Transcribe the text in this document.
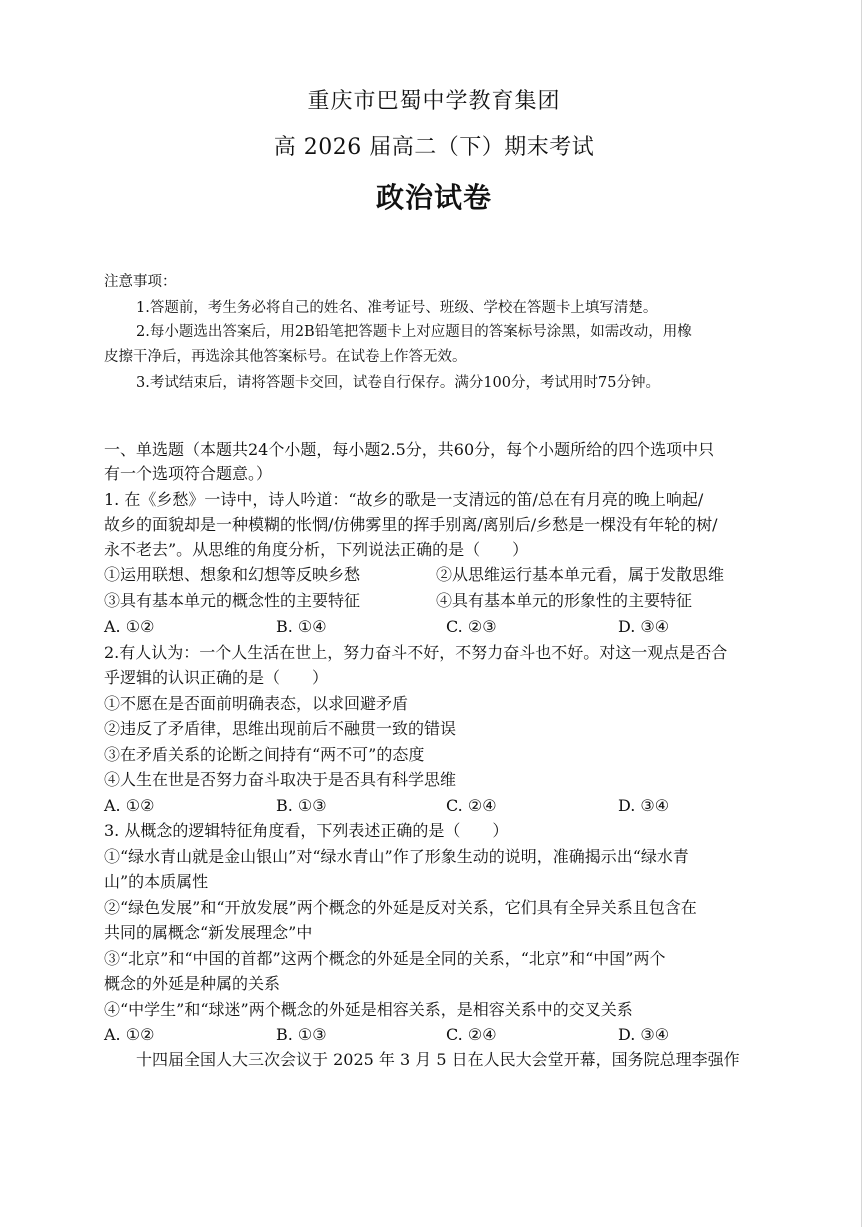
重庆市巴蜀中学教育集团
高 2026 届高二（下）期末考试
政治试卷
注意事项：
1.答题前，考生务必将自己的姓名、准考证号、班级、学校在答题卡上填写清楚。
2.每小题选出答案后，用2B铅笔把答题卡上对应题目的答案标号涂黑，如需改动，用橡
皮擦干净后，再选涂其他答案标号。在试卷上作答无效。
3.考试结束后，请将答题卡交回，试卷自行保存。满分100分，考试用时75分钟。
一、单选题（本题共24个小题，每小题2.5分，共60分，每个小题所给的四个选项中只
有一个选项符合题意。）
1. 在《乡愁》一诗中，诗人吟道：“故乡的歌是一支清远的笛/总在有月亮的晚上响起/
故乡的面貌却是一种模糊的怅惘/仿佛雾里的挥手别离/离别后/乡愁是一棵没有年轮的树/
永不老去”。从思维的角度分析，下列说法正确的是（　　）
①运用联想、想象和幻想等反映乡愁	②从思维运行基本单元看，属于发散思维
③具有基本单元的概念性的主要特征	④具有基本单元的形象性的主要特征
A. ①②	B. ①④	C. ②③	D. ③④
2.有人认为：一个人生活在世上，努力奋斗不好，不努力奋斗也不好。对这一观点是否合
乎逻辑的认识正确的是（　　）
①不愿在是否面前明确表态，以求回避矛盾
②违反了矛盾律，思维出现前后不融贯一致的错误
③在矛盾关系的论断之间持有“两不可”的态度
④人生在世是否努力奋斗取决于是否具有科学思维
A. ①②	B. ①③	C. ②④	D. ③④
3. 从概念的逻辑特征角度看，下列表述正确的是（　　）
①“绿水青山就是金山银山”对“绿水青山”作了形象生动的说明，准确揭示出“绿水青
山”的本质属性
②“绿色发展”和“开放发展”两个概念的外延是反对关系，它们具有全异关系且包含在
共同的属概念“新发展理念”中
③“北京”和“中国的首都”这两个概念的外延是全同的关系，“北京”和“中国”两个
概念的外延是种属的关系
④“中学生”和“球迷”两个概念的外延是相容关系，是相容关系中的交叉关系
A. ①②	B. ①③	C. ②④	D. ③④
十四届全国人大三次会议于 2025 年 3 月 5 日在人民大会堂开幕，国务院总理李强作
